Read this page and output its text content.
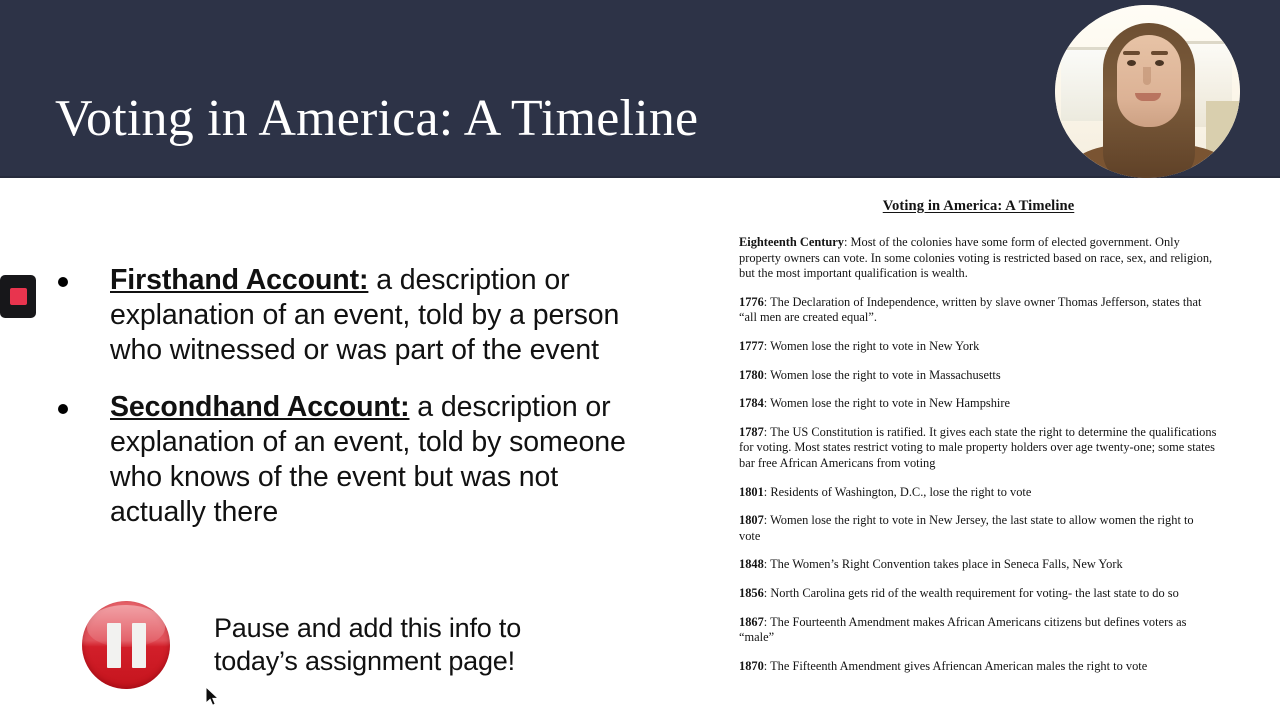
Voting in America: A Timeline
Firsthand Account: a description or explanation of an event, told by a person who witnessed or was part of the event
Secondhand Account: a description or explanation of an event, told by someone who knows of the event but was not actually there
Pause and add this info to
today’s assignment page!
Voting in America: A Timeline
Eighteenth Century: Most of the colonies have some form of elected government. Only property owners can vote. In some colonies voting is restricted based on race, sex, and religion, but the most important qualification is wealth.
1776: The Declaration of Independence, written by slave owner Thomas Jefferson, states that “all men are created equal”.
1777: Women lose the right to vote in New York
1780: Women lose the right to vote in Massachusetts
1784: Women lose the right to vote in New Hampshire
1787: The US Constitution is ratified. It gives each state the right to determine the qualifications for voting. Most states restrict voting to male property holders over age twenty-one; some states bar free African Americans from voting
1801: Residents of Washington, D.C., lose the right to vote
1807: Women lose the right to vote in New Jersey, the last state to allow women the right to vote
1848: The Women’s Right Convention takes place in Seneca Falls, New York
1856: North Carolina gets rid of the wealth requirement for voting- the last state to do so
1867: The Fourteenth Amendment makes African Americans citizens but defines voters as “male”
1870: The Fifteenth Amendment gives Afriencan American males the right to vote
